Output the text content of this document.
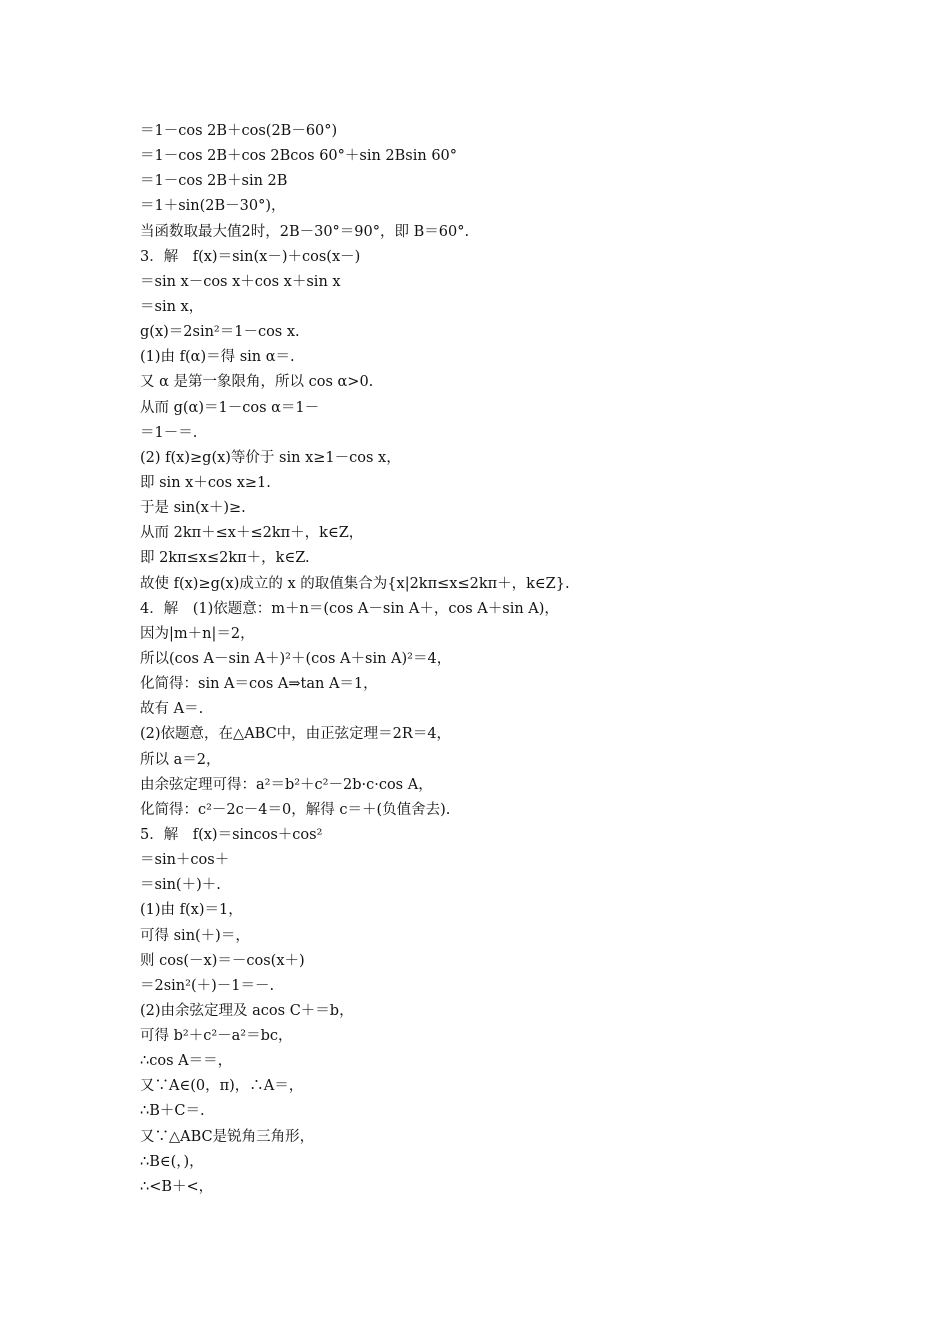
＝1－cos 2B＋cos(2B－60°)
＝1－cos 2B＋cos 2Bcos 60°＋sin 2Bsin 60°
＝1－cos 2B＋sin 2B
＝1＋sin(2B－30°)，
当函数取最大值2时，2B－30°＝90°，即 B＝60°.
3．解　f(x)＝sin(x－)＋cos(x－)
＝sin x－cos x＋cos x＋sin x
＝sin x，
g(x)＝2sin²＝1－cos x.
(1)由 f(α)＝得 sin α＝.
又 α 是第一象限角，所以 cos α>0.
从而 g(α)＝1－cos α＝1－
＝1－＝.
(2) f(x)≥g(x)等价于 sin x≥1－cos x，
即 sin x＋cos x≥1.
于是 sin(x＋)≥.
从而 2kπ＋≤x＋≤2kπ＋，k∈Z，
即 2kπ≤x≤2kπ＋，k∈Z.
故使 f(x)≥g(x)成立的 x 的取值集合为{x|2kπ≤x≤2kπ＋，k∈Z}.
4．解　(1)依题意：m＋n＝(cos A－sin A＋，cos A＋sin A)，
因为|m＋n|＝2，
所以(cos A－sin A＋)²＋(cos A＋sin A)²＝4，
化简得：sin A＝cos A⇒tan A＝1，
故有 A＝.
(2)依题意，在△ABC中，由正弦定理＝2R＝4，
所以 a＝2，
由余弦定理可得：a²＝b²＋c²－2b·c·cos A，
化简得：c²－2c－4＝0，解得 c＝＋(负值舍去).
5．解　f(x)＝sincos＋cos²
＝sin＋cos＋
＝sin(＋)＋.
(1)由 f(x)＝1，
可得 sin(＋)＝，
则 cos(－x)＝－cos(x＋)
＝2sin²(＋)－1＝－.
(2)由余弦定理及 acos C＋＝b，
可得 b²＋c²－a²＝bc，
∴cos A＝＝，
又∵A∈(0，π)，∴A＝，
∴B＋C＝.
又∵△ABC是锐角三角形，
∴B∈(，)，
∴<B＋<，
